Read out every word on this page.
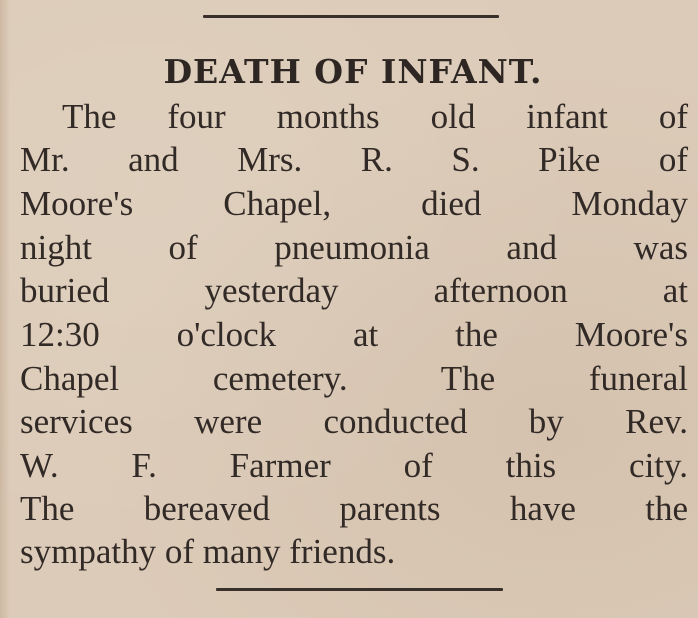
DEATH OF INFANT.

The four months old infant of

Mr. and Mrs. R. S. Pike of

Moore's Chapel, died Monday

night of pneumonia and was

buried yesterday afternoon at

12:30 o'clock at the Moore's

Chapel cemetery. The funeral

services were conducted by Rev.

W. F. Farmer of this city.

The bereaved parents have the

sympathy of many friends.
